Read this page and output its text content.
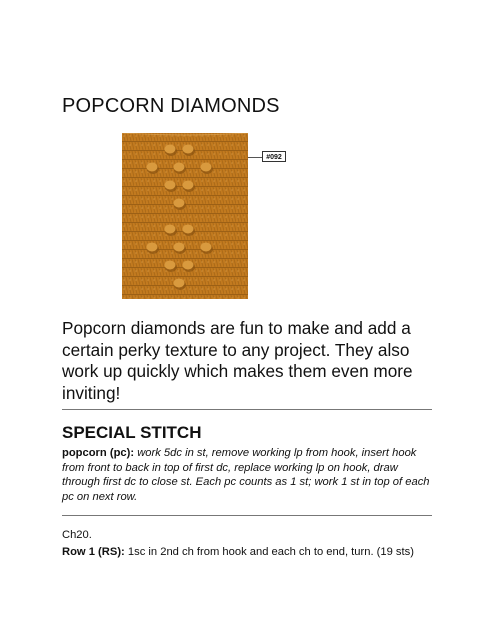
POPCORN DIAMONDS
#092

Popcorn diamonds are fun to make and add a certain perky texture to any project. They also work up quickly which makes them even more inviting!

SPECIAL STITCH

popcorn (pc): work 5dc in st, remove working lp from hook, insert hook from front to back in top of first dc, replace working lp on hook, draw through first dc to close st. Each pc counts as 1 st; work 1 st in top of each pc on next row.

Ch20.

Row 1 (RS): 1sc in 2nd ch from hook and each ch to end, turn. (19 sts)
